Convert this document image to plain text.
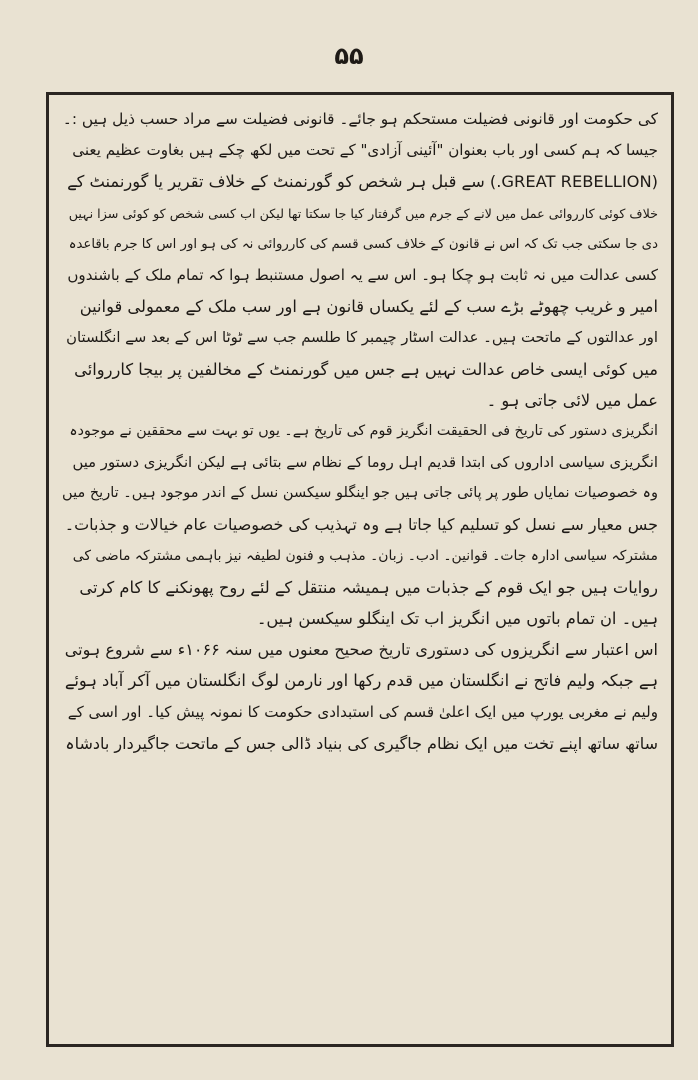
۵۵
کی حکومت اور قانونی فضیلت مستحکم ہو جائے۔ قانونی فضیلت سے مراد حسب ذیل ہیں :۔
جیسا کہ ہم کسی اور باب بعنوان "آئینی آزادی" کے تحت میں لکھ چکے ہیں بغاوت عظیم یعنی
(GREAT REBELLION.) سے قبل ہر شخص کو گورنمنٹ کے خلاف تقریر یا گورنمنٹ کے
خلاف کوئی کارروائی عمل میں لانے کے جرم میں گرفتار کیا جا سکتا تھا لیکن اب کسی شخص کو کوئی سزا نہیں
دی جا سکتی جب تک کہ اس نے قانون کے خلاف کسی قسم کی کارروائی نہ کی ہو اور اس کا جرم باقاعدہ
کسی عدالت میں نہ ثابت ہو چکا ہو۔ اس سے یہ اصول مستنبط ہوا کہ تمام ملک کے باشندوں
امیر و غریب چھوٹے بڑے سب کے لئے یکساں قانون ہے اور سب ملک کے معمولی قوانین
اور عدالتوں کے ماتحت ہیں۔ عدالت اسٹار چیمبر کا طلسم جب سے ٹوٹا اس کے بعد سے انگلستان
میں کوئی ایسی خاص عدالت نہیں ہے جس میں گورنمنٹ کے مخالفین پر بیجا کارروائی
عمل میں لائی جاتی ہو ۔
انگریزی دستور کی تاریخ فی الحقیقت انگریز قوم کی تاریخ ہے۔ یوں تو بہت سے محققین نے موجودہ
انگریزی سیاسی اداروں کی ابتدا قدیم اہل روما کے نظام سے بتائی ہے لیکن انگریزی دستور میں
وہ خصوصیات نمایاں طور پر پائی جاتی ہیں جو اینگلو سیکسن نسل کے اندر موجود ہیں۔ تاریخ میں
جس معیار سے نسل کو تسلیم کیا جاتا ہے وہ تہذیب کی خصوصیات عام خیالات و جذبات۔
مشترکہ سیاسی ادارہ جات۔ قوانین۔ ادب۔ زبان۔ مذہب و فنون لطیفہ نیز باہمی مشترکہ ماضی کی
روایات ہیں جو ایک قوم کے جذبات میں ہمیشہ منتقل کے لئے روح پھونکنے کا کام کرتی
ہیں۔ ان تمام باتوں میں انگریز اب تک اینگلو سیکسن ہیں۔
اس اعتبار سے انگریزوں کی دستوری تاریخ صحیح معنوں میں سنہ ۱۰۶۶ء سے شروع ہوتی
ہے جبکہ ولیم فاتح نے انگلستان میں قدم رکھا اور نارمن لوگ انگلستان میں آکر آباد ہوئے
ولیم نے مغربی یورپ میں ایک اعلیٰ قسم کی استبدادی حکومت کا نمونہ پیش کیا۔ اور اسی کے
ساتھ ساتھ اپنے تخت میں ایک نظام جاگیری کی بنیاد ڈالی جس کے ماتحت جاگیردار بادشاہ
